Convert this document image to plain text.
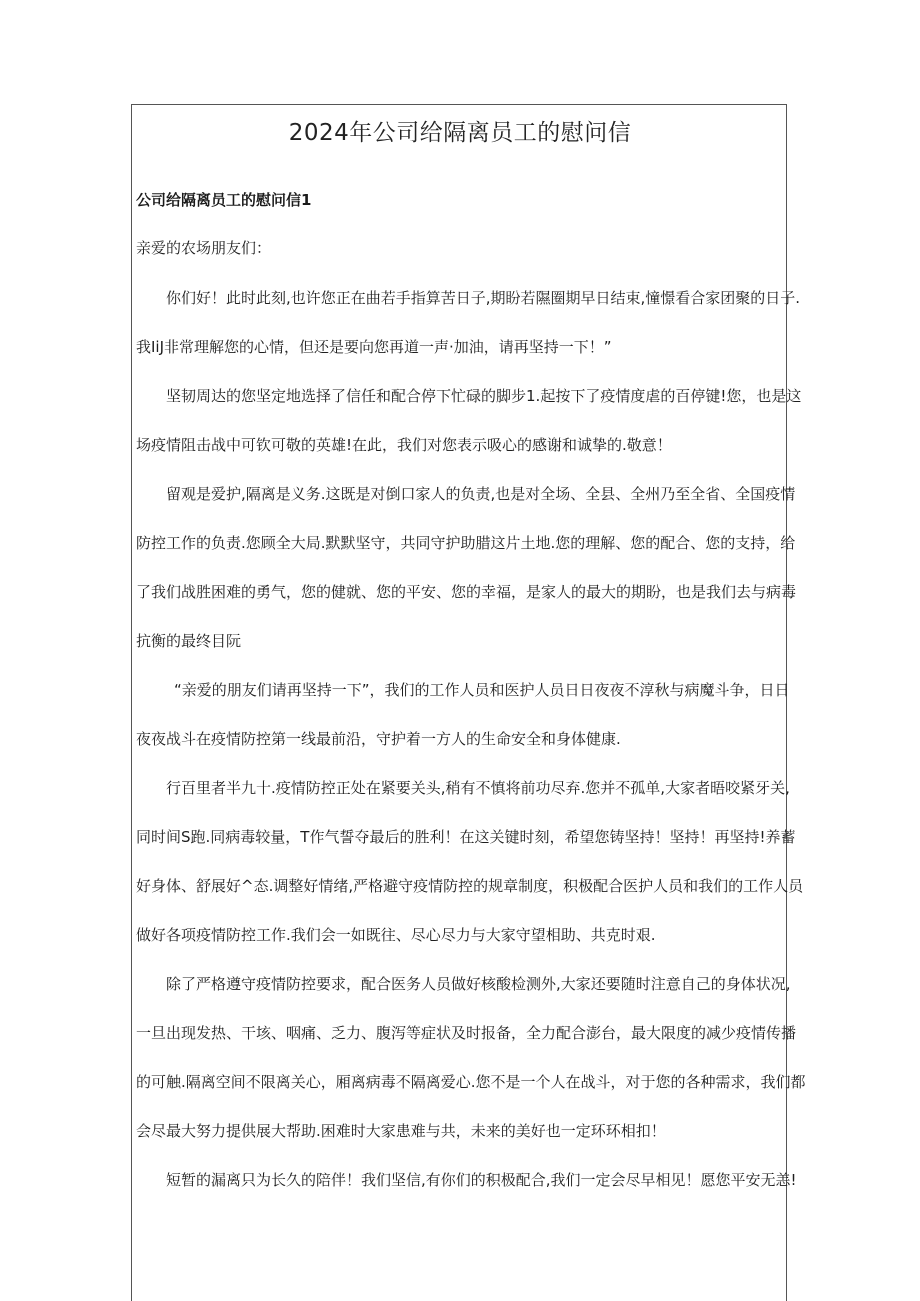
2024年公司给隔离员工的慰问信
公司给隔离员工的慰问信1
亲爱的农场朋友们：
你们好！此时此刻,也许您正在曲若手指算苦日子,期盼若隰圈期早日结束,憧憬看合家团聚的日子.
我IiJ非常理解您的心情，但还是要向您再道一声·加油，请再坚持一下！”
坚韧周达的您坚定地选择了信任和配合停下忙碌的脚步1.起按下了疫情度虐的百停键!您，也是这
场疫情阻击战中可钦可敬的英雄!在此，我们对您表示吸心的感谢和诚挚的.敬意！
留观是爱护,隔离是义务.这既是对倒口家人的负责,也是对全场、全县、全州乃至全省、全国疫情
防控工作的负责.您顾全大局.默默坚守，共同守护助腊这片土地.您的理解、您的配合、您的支持，给
了我们战胜困难的勇气，您的健就、您的平安、您的幸福，是家人的最大的期盼，也是我们去与病毒
抗衡的最终目阮
“亲爱的朋友们请再坚持一下”，我们的工作人员和医护人员日日夜夜不淳秋与病魔斗争，日日
夜夜战斗在疫情防控第一线最前沿，守护着一方人的生命安全和身体健康.
行百里者半九十.疫情防控正处在紧要关头,稍有不慎将前功尽弃.您并不孤单,大家者晤咬紧牙关,
同时间S跑.同病毒较量，T作气誓夺最后的胜利！在这关键时刻，希望您铸坚持！坚持！再坚持!养蓄
好身体、舒展好^态.调整好情绪,严格避守疫情防控的规章制度，积极配合医护人员和我们的工作人员
做好各项疫情防控工作.我们会一如既往、尽心尽力与大家守望相助、共克时艰.
除了严格遵守疫情防控要求，配合医务人员做好核酸检测外,大家还要随时注意自己的身体状况,
一旦出现发热、干垓、咽痛、乏力、腹泻等症状及时报备，全力配合澎台，最大限度的减少疫情传播
的可触.隔离空间不限离关心，厢离病毒不隔离爱心.您不是一个人在战斗，对于您的各种需求，我们都
会尽最大努力提供展大帮助.困难时大家患难与共，未来的美好也一定环环相扣！
短暂的漏离只为长久的陪伴！我们坚信,有你们的积极配合,我们一定会尽早相见！愿您平安无恙!
